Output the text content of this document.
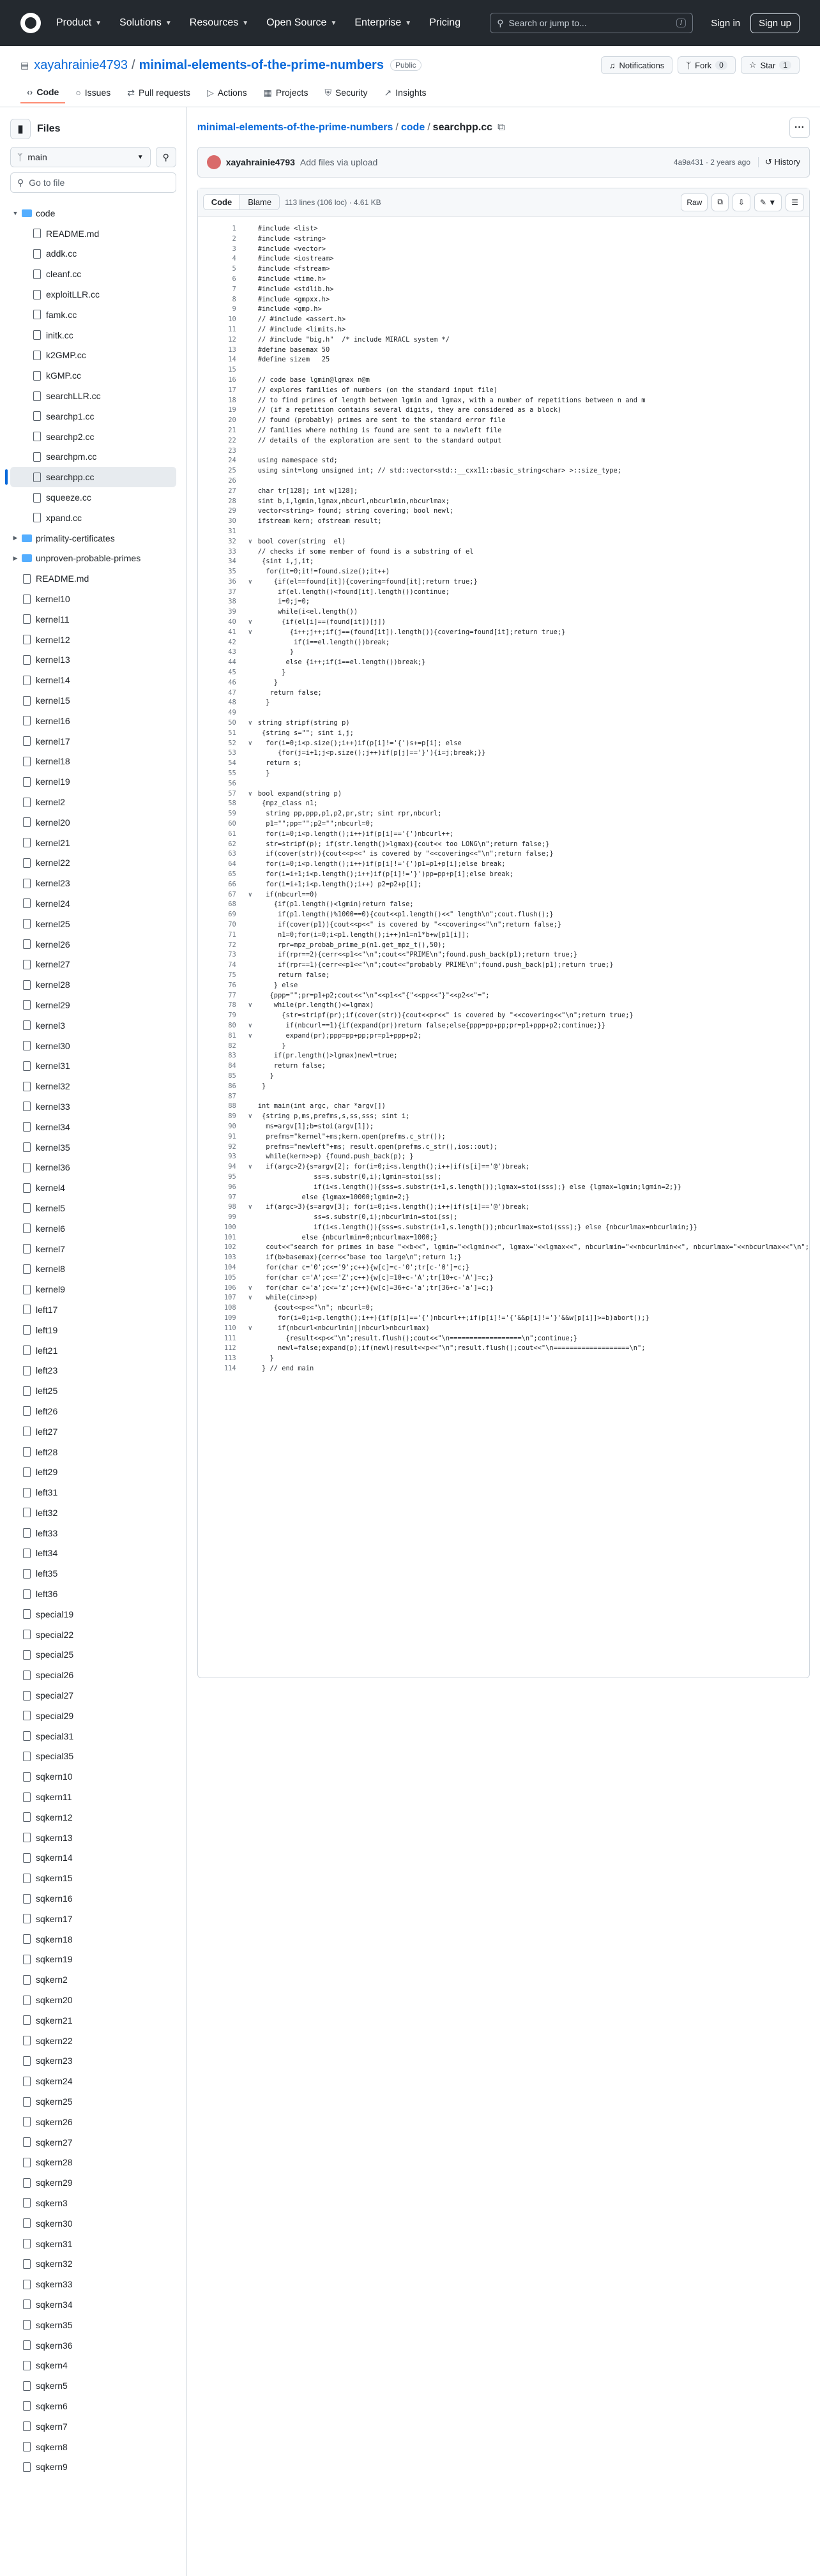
Product ▼ Solutions ▼ Resources ▼ Open Source ▼ Enterprise ▼ Pricing	⚲ Search or jump to...	/	Sign in	Sign up
▤ xayahrainie4793 / minimal-elements-of-the-prime-numbers	Public	♫ Notifications	ᛉ Fork	0	☆ Star	1
‹› Code ○ Issues ⇄ Pull requests ▷ Actions ▦ Projects ⛨ Security ↗ Insights
▮	Files
ᛉ main	▼	⚲
⚲ Go to file
▼ code
README.md
addk.cc
cleanf.cc
exploitLLR.cc
famk.cc
initk.cc
k2GMP.cc
kGMP.cc
searchLLR.cc
searchp1.cc
searchp2.cc
searchpm.cc
searchpp.cc
squeeze.cc
xpand.cc
▶	primality-certificates
▶	unproven-probable-primes
README.md
kernel10
kernel11
kernel12
kernel13
kernel14
kernel15
kernel16
kernel17
kernel18
kernel19
kernel2
kernel20
kernel21
kernel22
kernel23
kernel24
kernel25
kernel26
kernel27
kernel28
kernel29
kernel3
kernel30
kernel31
kernel32
kernel33
kernel34
kernel35
kernel36
kernel4
kernel5
kernel6
kernel7
kernel8
kernel9
left17
left19
left21
left23
left25
left26
left27
left28
left29
left31
left32
left33
left34
left35
left36
special19
special22
special25
special26
special27
special29
special31
special35
sqkern10
sqkern11
sqkern12
sqkern13
sqkern14
sqkern15
sqkern16
sqkern17
sqkern18
sqkern19
sqkern2
sqkern20
sqkern21
sqkern22
sqkern23
sqkern24
sqkern25
sqkern26
sqkern27
sqkern28
sqkern29
sqkern3
sqkern30
sqkern31
sqkern32
sqkern33
sqkern34
sqkern35
sqkern36
sqkern4
sqkern5
sqkern6
sqkern7
sqkern8
sqkern9
minimal-elements-of-the-prime-numbers / code / searchpp.cc ⧉	···
xayahrainie4793 Add files via upload	4a9a431 · 2 years ago	↺ History
Code	Blame	113 lines (106 loc) · 4.61 KB	Raw	⧉	⇩	✎ ▼	☰
1	#include <list>
2	#include <string>
3	#include <vector>
4	#include <iostream>
5	#include <fstream>
6	#include <time.h>
7	#include <stdlib.h>
8	#include <gmpxx.h>
9	#include <gmp.h>
10	// #include <assert.h>
11	// #include <limits.h>
12	// #include "big.h"  /* include MIRACL system */
13	#define basemax 50
14	#define sizem   25
15
16	// code base lgmin@lgmax n@m
17	// explores families of numbers (on the standard input file)
18	// to find primes of length between lgmin and lgmax, with a number of repetitions between n and m
19	// (if a repetition contains several digits, they are considered as a block)
20	// found (probably) primes are sent to the standard error file
21	// families where nothing is found are sent to a newleft file
22	// details of the exploration are sent to the standard output
23
24	using namespace std;
25	using sint=long unsigned int; // std::vector<std::__cxx11::basic_string<char> >::size_type;
26
27	char tr[128]; int w[128];
28	sint b,i,lgmin,lgmax,nbcurl,nbcurlmin,nbcurlmax;
29	vector<string> found; string covering; bool newl;
30	ifstream kern; ofstream result;
31
32	∨ bool cover(string  el)
33	// checks if some member of found is a substring of el
34	{sint i,j,it;
35	for(it=0;it!=found.size();it++)
36	∨ {if(el==found[it]){covering=found[it];return true;}
37	if(el.length()<found[it].length())continue;
38	i=0;j=0;
39	while(i<el.length())
40	∨ {if(el[i]==(found[it])[j])
41	∨ {i++;j++;if(j==(found[it]).length()){covering=found[it];return true;}
42	if(i==el.length())break;
43	}
44	else {i++;if(i==el.length())break;}
45	}
46	}
47	return false;
48	}
49
50	∨ string stripf(string p)
51	{string s=""; sint i,j;
52	∨ for(i=0;i<p.size();i++)if(p[i]!='{')s+=p[i]; else
53	{for(j=i+1;j<p.size();j++)if(p[j]=='}'){i=j;break;}}
54	return s;
55	}
56
57	∨ bool expand(string p)
58	{mpz_class n1;
59	string pp,ppp,p1,p2,pr,str; sint rpr,nbcurl;
60	p1="";pp="";p2="";nbcurl=0;
61	for(i=0;i<p.length();i++)if(p[i]=='{')nbcurl++;
62	str=stripf(p); if(str.length()>lgmax){cout<< too LONG\n";return false;}
63	if(cover(str)){cout<<p<<" is covered by "<<covering<<"\n";return false;}
64	for(i=0;i<p.length();i++)if(p[i]!='{')p1=p1+p[i];else break;
65	for(i=i+1;i<p.length();i++)if(p[i]!='}')pp=pp+p[i];else break;
66	for(i=i+1;i<p.length();i++) p2=p2+p[i];
67	∨ if(nbcurl==0)
68	{if(p1.length()<lgmin)return false;
69	if(p1.length()%1000==0){cout<<p1.length()<<" length\n";cout.flush();}
70	if(cover(p1)){cout<<p<<" is covered by "<<covering<<"\n";return false;}
71	n1=0;for(i=0;i<p1.length();i++)n1=n1*b+w[p1[i]];
72	rpr=mpz_probab_prime_p(n1.get_mpz_t(),50);
73	if(rpr==2){cerr<<p1<<"\n";cout<<"PRIME\n";found.push_back(p1);return true;}
74	if(rpr==1){cerr<<p1<<"\n";cout<<"probably PRIME\n";found.push_back(p1);return true;}
75	return false;
76	} else
77	{ppp="";pr=p1+p2;cout<<"\n"<<p1<<"{"<<pp<<"}"<<p2<<"=";
78	∨ while(pr.length()<=lgmax)
79	{str=stripf(pr);if(cover(str)){cout<<pr<<" is covered by "<<covering<<"\n";return true;}
80	∨ if(nbcurl==1){if(expand(pr))return false;else{ppp=pp+pp;pr=p1+ppp+p2;continue;}}
81	∨ expand(pr);ppp=pp+pp;pr=p1+ppp+p2;
82	}
83	if(pr.length()>lgmax)newl=true;
84	return false;
85	}
86	}
87
88	int main(int argc, char *argv[])
89	∨ {string p,ms,prefms,s,ss,sss; sint i;
90	ms=argv[1];b=stoi(argv[1]);
91	prefms="kernel"+ms;kern.open(prefms.c_str());
92	prefms="newleft"+ms; result.open(prefms.c_str(),ios::out);
93	while(kern>>p) {found.push_back(p); }
94	∨ if(argc>2){s=argv[2]; for(i=0;i<s.length();i++)if(s[i]=='@')break;
95	ss=s.substr(0,i);lgmin=stoi(ss);
96	if(i<s.length()){sss=s.substr(i+1,s.length());lgmax=stoi(sss);} else {lgmax=lgmin;lgmin=2;}}
97	else {lgmax=10000;lgmin=2;}
98	∨ if(argc>3){s=argv[3]; for(i=0;i<s.length();i++)if(s[i]=='@')break;
99	ss=s.substr(0,i);nbcurlmin=stoi(ss);
100	if(i<s.length()){sss=s.substr(i+1,s.length());nbcurlmax=stoi(sss);} else {nbcurlmax=nbcurlmin;}}
101	else {nbcurlmin=0;nbcurlmax=1000;}
102	cout<<"search for primes in base "<<b<<", lgmin="<<lgmin<<", lgmax="<<lgmax<<", nbcurlmin="<<nbcurlmin<<", nbcurlmax="<<nbcurlmax<<"\n";
103	if(b>basemax){cerr<<"base too large\n";return 1;}
104	for(char c='0';c<='9';c++){w[c]=c-'0';tr[c-'0']=c;}
105	for(char c='A';c<='Z';c++){w[c]=10+c-'A';tr[10+c-'A']=c;}
106	∨ for(char c='a';c<='z';c++){w[c]=36+c-'a';tr[36+c-'a']=c;}
107	∨ while(cin>>p)
108	{cout<<p<<"\n"; nbcurl=0;
109	for(i=0;i<p.length();i++){if(p[i]=='{')nbcurl++;if(p[i]!='{'&&p[i]!='}'&&w[p[i]]>=b)abort();}
110	∨ if(nbcurl<nbcurlmin||nbcurl>nbcurlmax)
111	{result<<p<<"\n";result.flush();cout<<"\n==================\n";continue;}
112	newl=false;expand(p);if(newl)result<<p<<"\n";result.flush();cout<<"\n===================\n";
113	}
114	} // end main
